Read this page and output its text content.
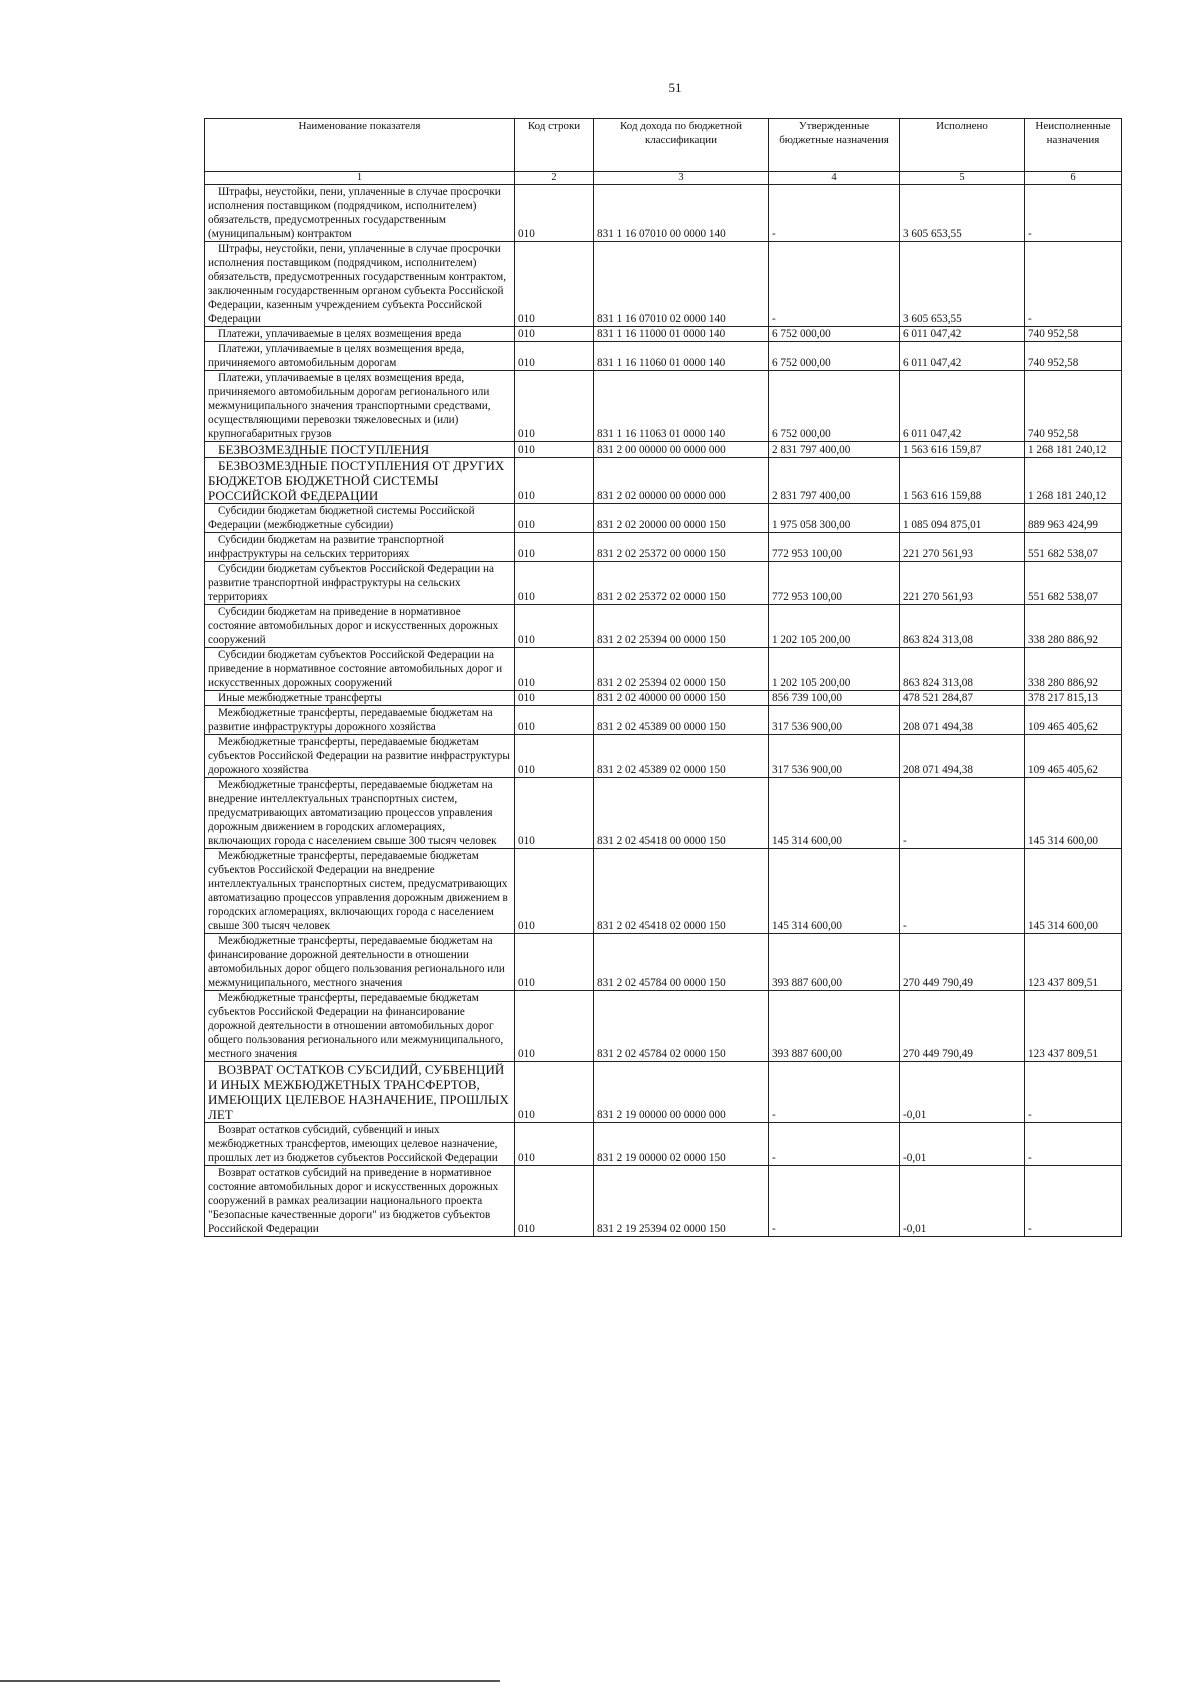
51
Наименование показателя	Код строки	Код дохода по бюджетной классификации	Утвержденные бюджетные назначения	Исполнено	Неисполненные назначения
1	2	3	4	5	6
Штрафы, неустойки, пени, уплаченные в случае просрочки исполнения поставщиком (подрядчиком, исполнителем) обязательств, предусмотренных государственным (муниципальным) контрактом	010	831 1 16 07010 00 0000 140	-	3 605 653,55	-
Штрафы, неустойки, пени, уплаченные в случае просрочки исполнения поставщиком (подрядчиком, исполнителем) обязательств, предусмотренных государственным контрактом, заключенным государственным органом субъекта Российской Федерации, казенным учреждением субъекта Российской Федерации	010	831 1 16 07010 02 0000 140	-	3 605 653,55	-
Платежи, уплачиваемые в целях возмещения вреда	010	831 1 16 11000 01 0000 140	6 752 000,00	6 011 047,42	740 952,58
Платежи, уплачиваемые в целях возмещения вреда, причиняемого автомобильным дорогам	010	831 1 16 11060 01 0000 140	6 752 000,00	6 011 047,42	740 952,58
Платежи, уплачиваемые в целях возмещения вреда, причиняемого автомобильным дорогам регионального или межмуниципального значения транспортными средствами, осуществляющими перевозки тяжеловесных и (или) крупногабаритных грузов	010	831 1 16 11063 01 0000 140	6 752 000,00	6 011 047,42	740 952,58
БЕЗВОЗМЕЗДНЫЕ ПОСТУПЛЕНИЯ	010	831 2 00 00000 00 0000 000	2 831 797 400,00	1 563 616 159,87	1 268 181 240,12
БЕЗВОЗМЕЗДНЫЕ ПОСТУПЛЕНИЯ ОТ ДРУГИХ БЮДЖЕТОВ БЮДЖЕТНОЙ СИСТЕМЫ РОССИЙСКОЙ ФЕДЕРАЦИИ	010	831 2 02 00000 00 0000 000	2 831 797 400,00	1 563 616 159,88	1 268 181 240,12
Субсидии бюджетам бюджетной системы Российской Федерации (межбюджетные субсидии)	010	831 2 02 20000 00 0000 150	1 975 058 300,00	1 085 094 875,01	889 963 424,99
Субсидии бюджетам на развитие транспортной инфраструктуры на сельских территориях	010	831 2 02 25372 00 0000 150	772 953 100,00	221 270 561,93	551 682 538,07
Субсидии бюджетам субъектов Российской Федерации на развитие транспортной инфраструктуры на сельских территориях	010	831 2 02 25372 02 0000 150	772 953 100,00	221 270 561,93	551 682 538,07
Субсидии бюджетам на приведение в нормативное состояние автомобильных дорог и искусственных дорожных сооружений	010	831 2 02 25394 00 0000 150	1 202 105 200,00	863 824 313,08	338 280 886,92
Субсидии бюджетам субъектов Российской Федерации на приведение в нормативное состояние автомобильных дорог и искусственных дорожных сооружений	010	831 2 02 25394 02 0000 150	1 202 105 200,00	863 824 313,08	338 280 886,92
Иные межбюджетные трансферты	010	831 2 02 40000 00 0000 150	856 739 100,00	478 521 284,87	378 217 815,13
Межбюджетные трансферты, передаваемые бюджетам на развитие инфраструктуры дорожного хозяйства	010	831 2 02 45389 00 0000 150	317 536 900,00	208 071 494,38	109 465 405,62
Межбюджетные трансферты, передаваемые бюджетам субъектов Российской Федерации на развитие инфраструктуры дорожного хозяйства	010	831 2 02 45389 02 0000 150	317 536 900,00	208 071 494,38	109 465 405,62
Межбюджетные трансферты, передаваемые бюджетам на внедрение интеллектуальных транспортных систем, предусматривающих автоматизацию процессов управления дорожным движением в городских агломерациях, включающих города с населением свыше 300 тысяч человек	010	831 2 02 45418 00 0000 150	145 314 600,00	-	145 314 600,00
Межбюджетные трансферты, передаваемые бюджетам субъектов Российской Федерации на внедрение интеллектуальных транспортных систем, предусматривающих автоматизацию процессов управления дорожным движением в городских агломерациях, включающих города с населением свыше 300 тысяч человек	010	831 2 02 45418 02 0000 150	145 314 600,00	-	145 314 600,00
Межбюджетные трансферты, передаваемые бюджетам на финансирование дорожной деятельности в отношении автомобильных дорог общего пользования регионального или межмуниципального, местного значения	010	831 2 02 45784 00 0000 150	393 887 600,00	270 449 790,49	123 437 809,51
Межбюджетные трансферты, передаваемые бюджетам субъектов Российской Федерации на финансирование дорожной деятельности в отношении автомобильных дорог общего пользования регионального или межмуниципального, местного значения	010	831 2 02 45784 02 0000 150	393 887 600,00	270 449 790,49	123 437 809,51
ВОЗВРАТ ОСТАТКОВ СУБСИДИЙ, СУБВЕНЦИЙ И ИНЫХ МЕЖБЮДЖЕТНЫХ ТРАНСФЕРТОВ, ИМЕЮЩИХ ЦЕЛЕВОЕ НАЗНАЧЕНИЕ, ПРОШЛЫХ ЛЕТ	010	831 2 19 00000 00 0000 000	-	-0,01	-
Возврат остатков субсидий, субвенций и иных межбюджетных трансфертов, имеющих целевое назначение, прошлых лет из бюджетов субъектов Российской Федерации	010	831 2 19 00000 02 0000 150	-	-0,01	-
Возврат остатков субсидий на приведение в нормативное состояние автомобильных дорог и искусственных дорожных сооружений в рамках реализации национального проекта "Безопасные качественные дороги" из бюджетов субъектов Российской Федерации	010	831 2 19 25394 02 0000 150	-	-0,01	-
